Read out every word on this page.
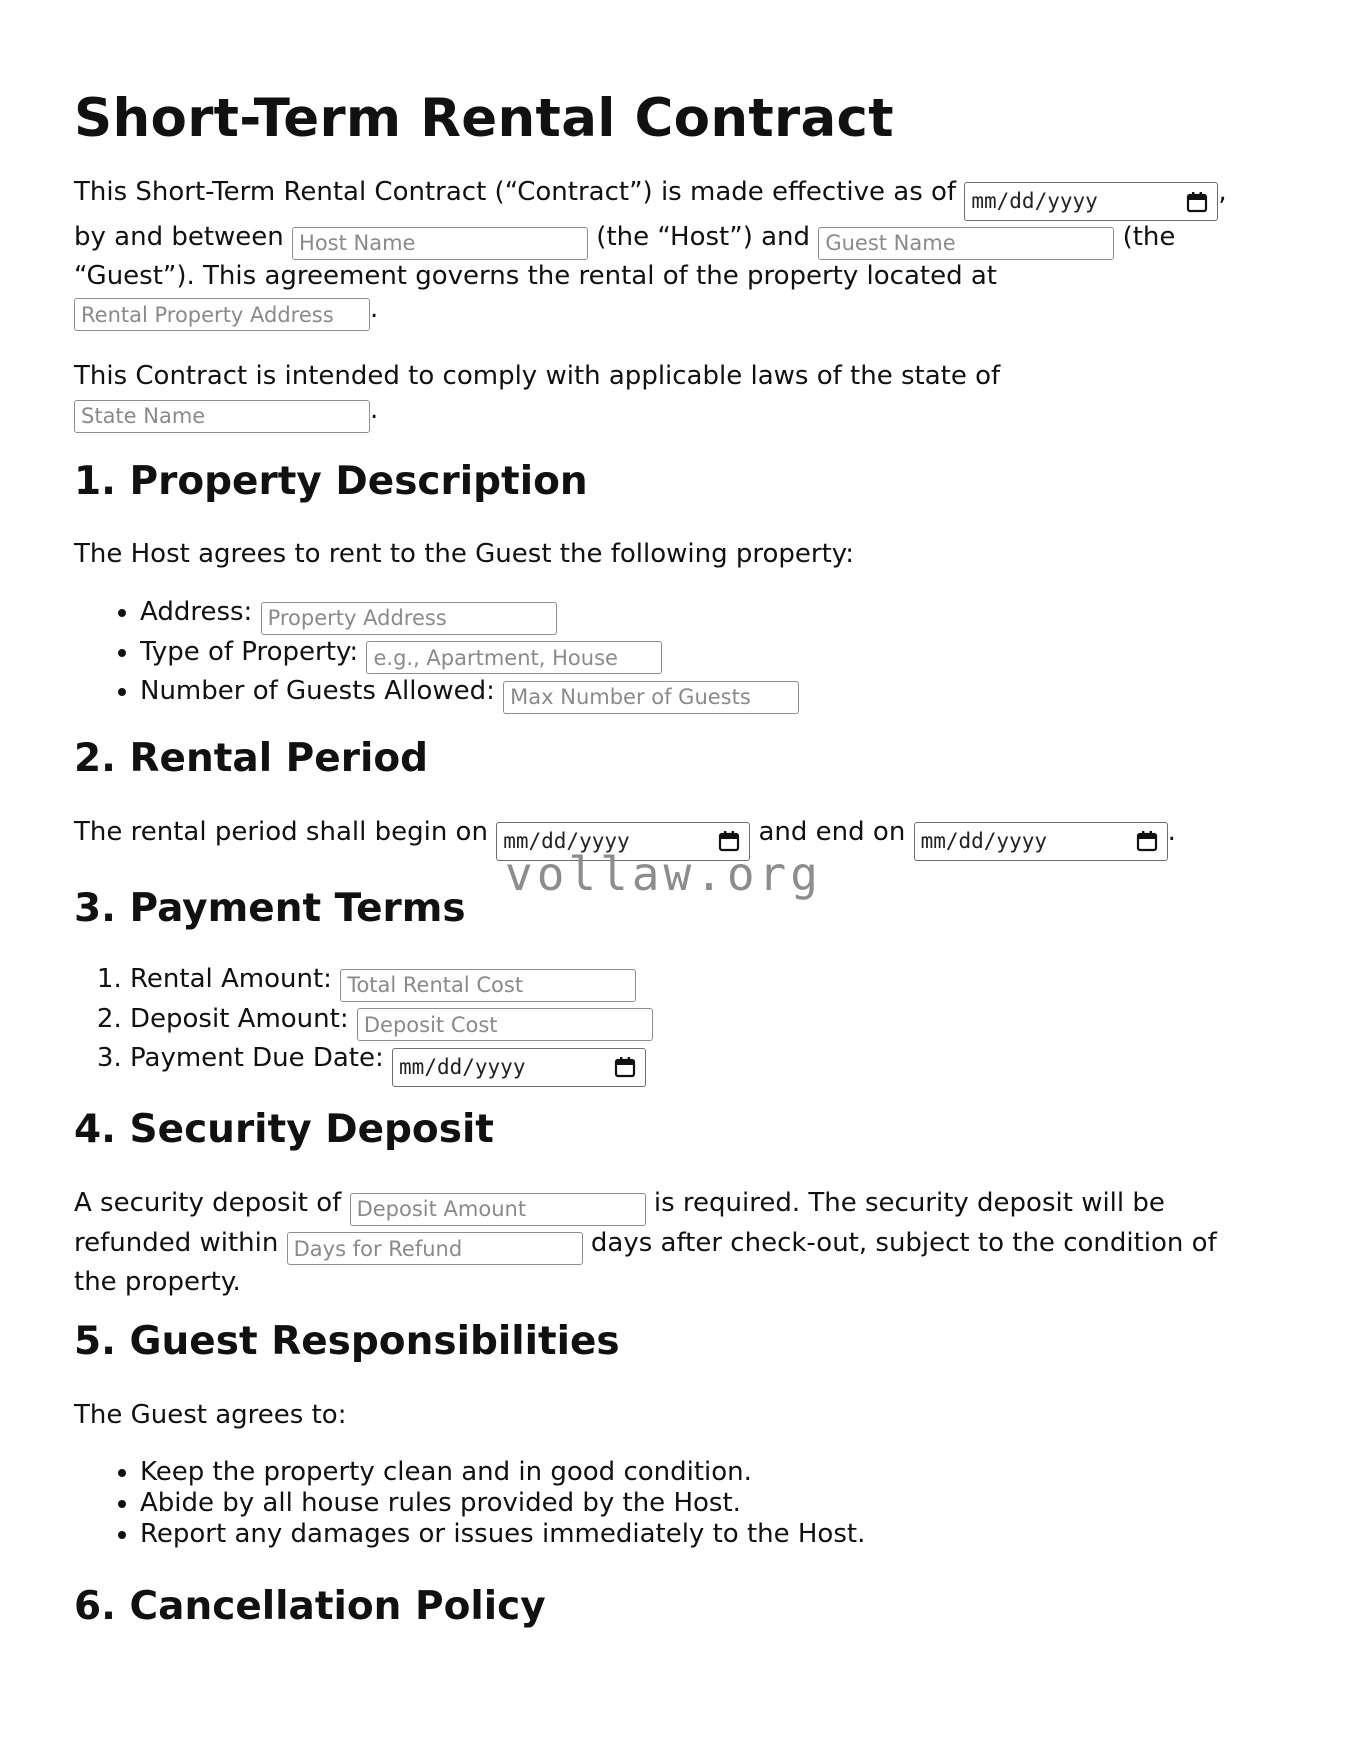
Short-Term Rental Contract

This Short-Term Rental Contract (“Contract”) is made effective as of mm/dd/yyyy	, by and between Host Name	(the “Host”) and Guest Name	(the “Guest”). This agreement governs the rental of the property located at Rental Property Address.

This Contract is intended to comply with applicable laws of the state of State Name.

1. Property Description

The Host agrees to rent to the Guest the following property:

• Address: Property Address
• Type of Property: e.g., Apartment, House
• Number of Guests Allowed: Max Number of Guests
2. Rental Period

The rental period shall begin on mm/dd/yyyy	and end on mm/dd/yyyy	.

3. Payment Terms
1. Rental Amount: Total Rental Cost
2. Deposit Amount: Deposit Cost
3. Payment Due Date: mm/dd/yyyy
4. Security Deposit

A security deposit of Deposit Amount	is required. The security deposit will be refunded within Days for Refund	days after check-out, subject to the condition of the property.

5. Guest Responsibilities

The Guest agrees to:

• Keep the property clean and in good condition.
• Abide by all house rules provided by the Host.
• Report any damages or issues immediately to the Host.
6. Cancellation Policy
vollaw.org
